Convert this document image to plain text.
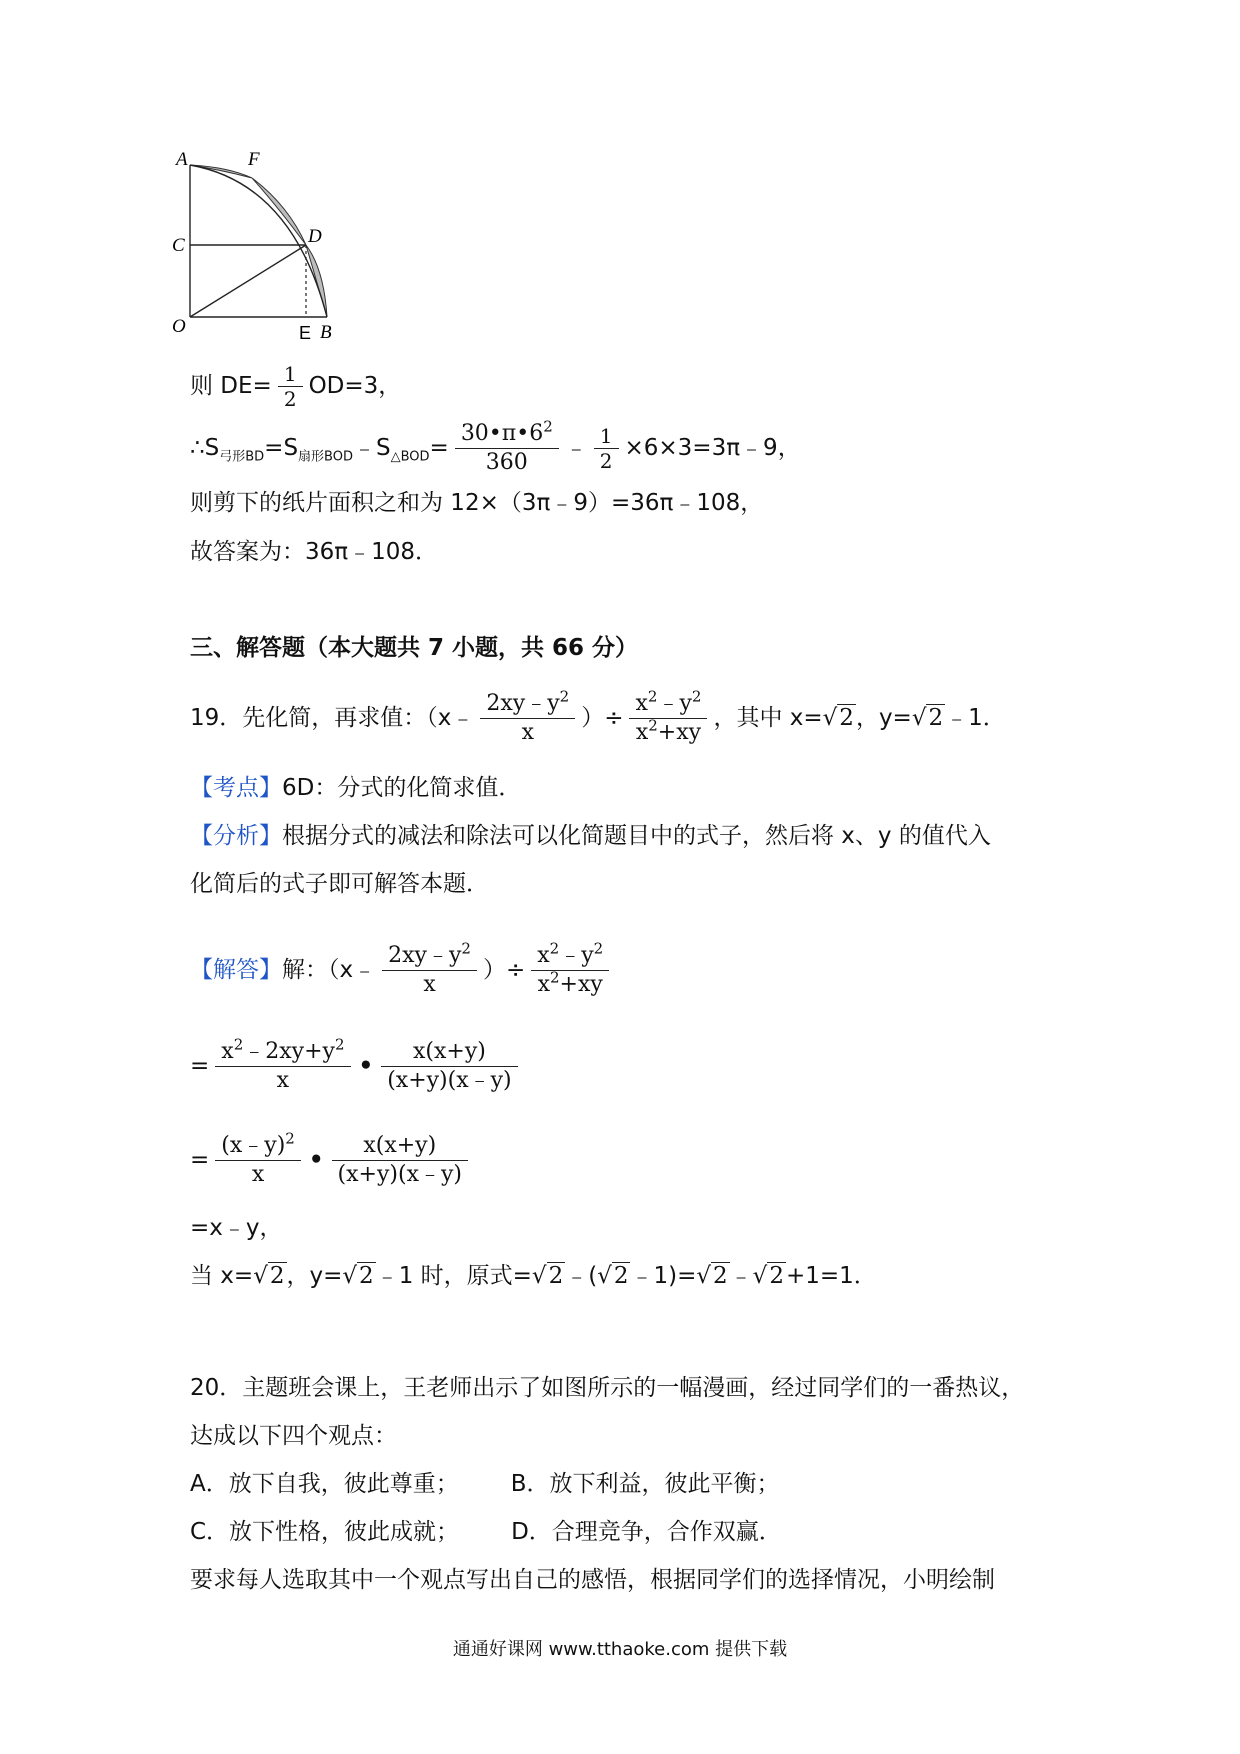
A	F
C	D
O	E B
则 $DE= \frac{1}{2} OD=3$，
$\therefore S_{弓形BD}=S_{扇形BOD}﹣S_{\triangle BOD}= \frac{30•\pi•6^2}{360}$ ﹣ $\frac{1}{2}$ ×6×3=3π﹣9，
则剪下的纸片面积之和为 12×（3π﹣9）=36π﹣108，
故答案为：36π﹣108．
三、解答题（本大题共 7 小题，共 66 分）
19．先化简，再求值：（x﹣ $\frac{2xy﹣y^2}{x}$ ）÷ $\frac{x^2﹣y^2}{x^2+xy}$ ，其中 x=√2，y=√2﹣1．
【考点】6D：分式的化简求值．
【分析】根据分式的减法和除法可以化简题目中的式子，然后将 x、y 的值代入
化简后的式子即可解答本题．
【解答】解：（x﹣ $\frac{2xy﹣y^2}{x}$ ）÷ $\frac{x^2﹣y^2}{x^2+xy}$
= $\frac{x^2﹣2xy+y^2}{x}$ • $\frac{x(x+y)}{(x+y)(x﹣y)}$
= $\frac{(x﹣y)^2}{x}$ • $\frac{x(x+y)}{(x+y)(x﹣y)}$
=x﹣y，
当 x=√2，y=√2﹣1 时，原式=√2﹣(√2﹣1)=√2﹣√2+1=1．
20．主题班会课上，王老师出示了如图所示的一幅漫画，经过同学们的一番热议，
达成以下四个观点：
A．放下自我，彼此尊重； B．放下利益，彼此平衡；
C．放下性格，彼此成就； D．合理竞争，合作双赢．
要求每人选取其中一个观点写出自己的感悟，根据同学们的选择情况，小明绘制
通通好课网 www.tthaoke.com 提供下载
